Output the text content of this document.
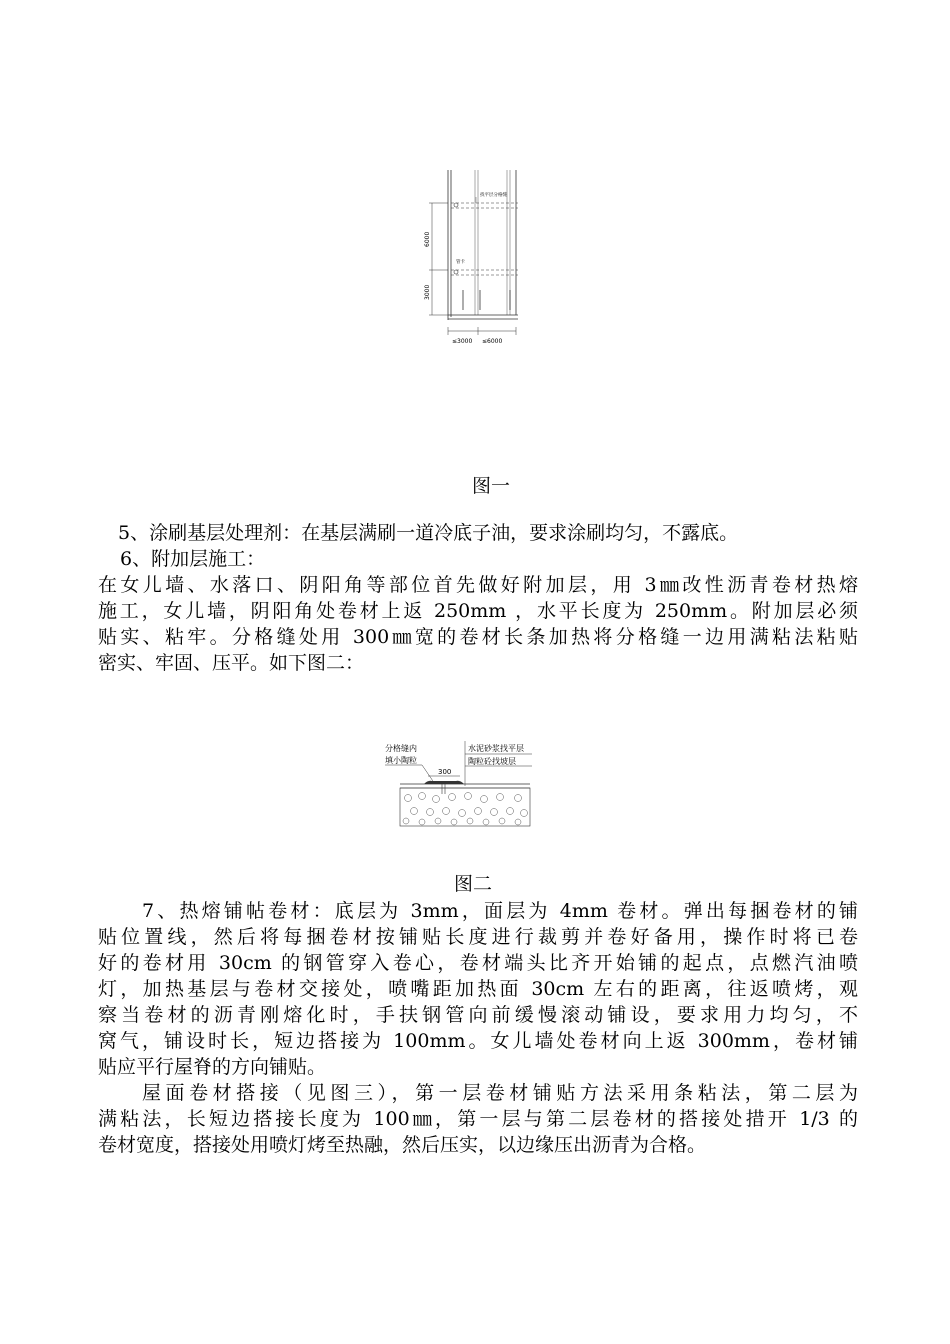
6000
3000
找平层分格缝
管卡
≤3000 ≤6000
图一
5、涂刷基层处理剂：在基层满刷一道冷底子油，要求涂刷均匀，不露底。
6、附加层施工：
在女儿墙、水落口、阴阳角等部位首先做好附加层，用 3㎜改性沥青卷材热熔
施工，女儿墙，阴阳角处卷材上返 250mm ，水平长度为 250mm。附加层必须
贴实、粘牢。分格缝处用 300㎜宽的卷材长条加热将分格缝一边用满粘法粘贴
密实、牢固、压平。如下图二：
分格缝内
填小陶粒
水泥砂浆找平层
陶粒砼找坡层
300
图二
7、热熔铺帖卷材：底层为 3mm，面层为 4mm 卷材。弹出每捆卷材的铺
贴位置线，然后将每捆卷材按铺贴长度进行裁剪并卷好备用，操作时将已卷
好的卷材用 30cm 的钢管穿入卷心，卷材端头比齐开始铺的起点，点燃汽油喷
灯，加热基层与卷材交接处，喷嘴距加热面 30cm 左右的距离，往返喷烤，观
察当卷材的沥青刚熔化时，手扶钢管向前缓慢滚动铺设，要求用力均匀，不
窝气，铺设时长，短边搭接为 100mm。女儿墙处卷材向上返 300mm，卷材铺
贴应平行屋脊的方向铺贴。
屋面卷材搭接（见图三），第一层卷材铺贴方法采用条粘法，第二层为
满粘法，长短边搭接长度为 100㎜，第一层与第二层卷材的搭接处措开 1/3 的
卷材宽度，搭接处用喷灯烤至热融，然后压实，以边缘压出沥青为合格。
